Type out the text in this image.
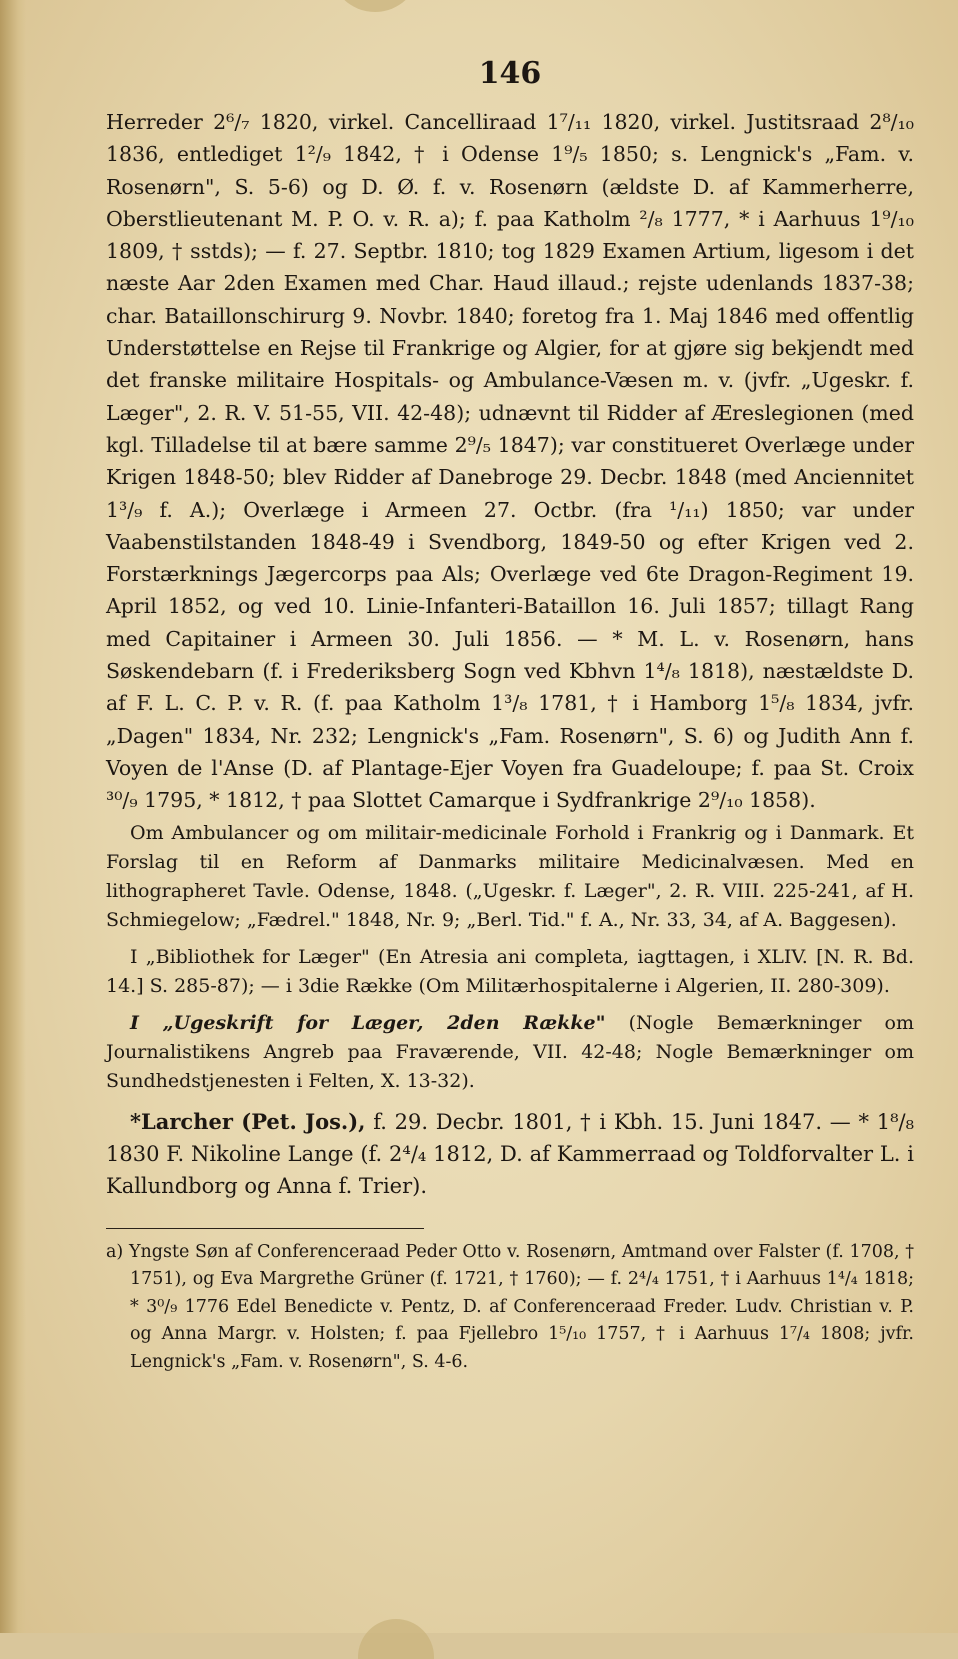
146

Herreder 2⁶/₇ 1820, virkel. Cancelliraad 1⁷/₁₁ 1820, virkel. Justitsraad 2⁸/₁₀ 1836, entlediget 1²/₉ 1842, † i Odense 1⁹/₅ 1850; s. Lengnick's „Fam. v. Rosenørn", S. 5-6) og D. Ø. f. v. Rosenørn (ældste D. af Kammerherre, Oberstlieutenant M. P. O. v. R. a); f. paa Katholm ²/₈ 1777, * i Aarhuus 1⁹/₁₀ 1809, † sstds); — f. 27. Septbr. 1810; tog 1829 Examen Artium, ligesom i det næste Aar 2den Examen med Char. Haud illaud.; rejste udenlands 1837-38; char. Bataillonschirurg 9. Novbr. 1840; foretog fra 1. Maj 1846 med offentlig Understøttelse en Rejse til Frankrige og Algier, for at gjøre sig bekjendt med det franske militaire Hospitals- og Ambulance-Væsen m. v. (jvfr. „Ugeskr. f. Læger", 2. R. V. 51-55, VII. 42-48); udnævnt til Ridder af Æreslegionen (med kgl. Tilladelse til at bære samme 2⁹/₅ 1847); var constitueret Overlæge under Krigen 1848-50; blev Ridder af Danebroge 29. Decbr. 1848 (med Anciennitet 1³/₉ f. A.); Overlæge i Armeen 27. Octbr. (fra ¹/₁₁) 1850; var under Vaabenstilstanden 1848-49 i Svendborg, 1849-50 og efter Krigen ved 2. Forstærknings Jægercorps paa Als; Overlæge ved 6te Dragon-Regiment 19. April 1852, og ved 10. Linie-Infanteri-Bataillon 16. Juli 1857; tillagt Rang med Capitainer i Armeen 30. Juli 1856. — * M. L. v. Rosenørn, hans Søskendebarn (f. i Frederiksberg Sogn ved Kbhvn 1⁴/₈ 1818), næstældste D. af F. L. C. P. v. R. (f. paa Katholm 1³/₈ 1781, † i Hamborg 1⁵/₈ 1834, jvfr. „Dagen" 1834, Nr. 232; Lengnick's „Fam. Rosenørn", S. 6) og Judith Ann f. Voyen de l'Anse (D. af Plantage-Ejer Voyen fra Guadeloupe; f. paa St. Croix ³⁰/₉ 1795, * 1812, † paa Slottet Camarque i Sydfrankrige 2⁹/₁₀ 1858).

Om Ambulancer og om militair-medicinale Forhold i Frankrig og i Danmark. Et Forslag til en Reform af Danmarks militaire Medicinalvæsen. Med en lithographeret Tavle. Odense, 1848. („Ugeskr. f. Læger", 2. R. VIII. 225-241, af H. Schmiegelow; „Fædrel." 1848, Nr. 9; „Berl. Tid." f. A., Nr. 33, 34, af A. Baggesen).

I „Bibliothek for Læger" (En Atresia ani completa, iagttagen, i XLIV. [N. R. Bd. 14.] S. 285-87); — i 3die Række (Om Militærhospitalerne i Algerien, II. 280-309).

I „Ugeskrift for Læger, 2den Række" (Nogle Bemærkninger om Journalistikens Angreb paa Fraværende, VII. 42-48; Nogle Bemærkninger om Sundhedstjenesten i Felten, X. 13-32).

*Larcher (Pet. Jos.), f. 29. Decbr. 1801, † i Kbh. 15. Juni 1847. — * 1⁸/₈ 1830 F. Nikoline Lange (f. 2⁴/₄ 1812, D. af Kammerraad og Toldforvalter L. i Kallundborg og Anna f. Trier).

a) Yngste Søn af Conferenceraad Peder Otto v. Rosenørn, Amtmand over Falster (f. 1708, † 1751), og Eva Margrethe Grüner (f. 1721, † 1760); — f. 2⁴/₄ 1751, † i Aarhuus 1⁴/₄ 1818; * 3⁰/₉ 1776 Edel Benedicte v. Pentz, D. af Conferenceraad Freder. Ludv. Christian v. P. og Anna Margr. v. Holsten; f. paa Fjellebro 1⁵/₁₀ 1757, † i Aarhuus 1⁷/₄ 1808; jvfr. Lengnick's „Fam. v. Rosenørn", S. 4-6.
